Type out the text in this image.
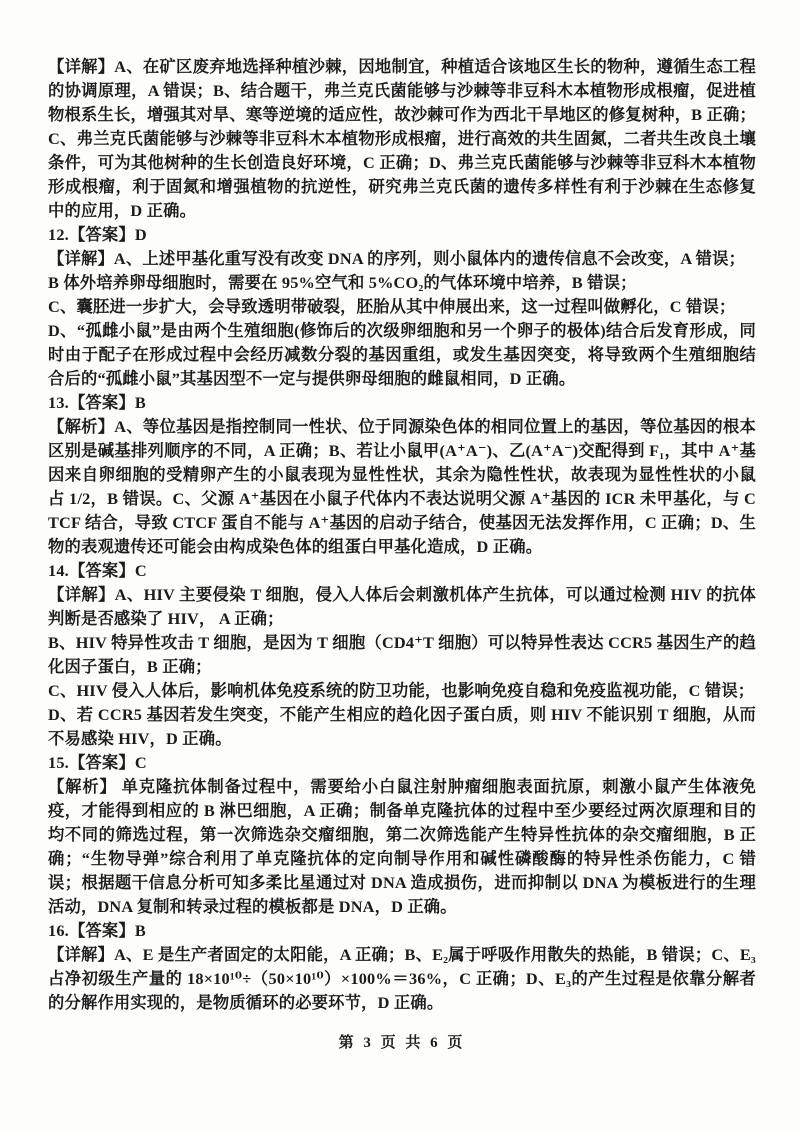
【详解】A、在矿区废弃地选择种植沙棘，因地制宜，种植适合该地区生长的物种，遵循生态工程的协调原理，A 错误；B、结合题干，弗兰克氏菌能够与沙棘等非豆科木本植物形成根瘤，促进植物根系生长，增强其对旱、寒等逆境的适应性，故沙棘可作为西北干旱地区的修复树种，B 正确；C、弗兰克氏菌能够与沙棘等非豆科木本植物形成根瘤，进行高效的共生固氮，二者共生改良土壤条件，可为其他树种的生长创造良好环境，C 正确；D、弗兰克氏菌能够与沙棘等非豆科木本植物形成根瘤，利于固氮和增强植物的抗逆性，研究弗兰克氏菌的遗传多样性有利于沙棘在生态修复中的应用，D 正确。

12.【答案】D

【详解】A、上述甲基化重写没有改变 DNA 的序列，则小鼠体内的遗传信息不会改变，A 错误；

B 体外培养卵母细胞时，需要在 95%空气和 5%CO₂的气体环境中培养，B 错误；

C、囊胚进一步扩大，会导致透明带破裂，胚胎从其中伸展出来，这一过程叫做孵化，C 错误；

D、“孤雌小鼠”是由两个生殖细胞(修饰后的次级卵细胞和另一个卵子的极体)结合后发育形成，同时由于配子在形成过程中会经历减数分裂的基因重组，或发生基因突变，将导致两个生殖细胞结合后的“孤雌小鼠”其基因型不一定与提供卵母细胞的雌鼠相同，D 正确。

13.【答案】B

【解析】A、等位基因是指控制同一性状、位于同源染色体的相同位置上的基因，等位基因的根本区别是碱基排列顺序的不同，A 正确；B、若让小鼠甲(A⁺A⁻)、乙(A⁺A⁻)交配得到 F₁，其中 A⁺基因来自卵细胞的受精卵产生的小鼠表现为显性性状，其余为隐性性状，故表现为显性性状的小鼠占 1/2，B 错误。C、父源 A⁺基因在小鼠子代体内不表达说明父源 A⁺基因的 ICR 未甲基化，与 CTCF 结合，导致 CTCF 蛋自不能与 A⁺基因的启动子结合，使基因无法发挥作用，C 正确；D、生物的表观遗传还可能会由构成染色体的组蛋白甲基化造成，D 正确。

14.【答案】C

【详解】A、HIV 主要侵染 T 细胞，侵入人体后会刺激机体产生抗体，可以通过检测 HIV 的抗体判断是否感染了 HIV， A 正确；

B、HIV 特异性攻击 T 细胞，是因为 T 细胞（CD4⁺T 细胞）可以特异性表达 CCR5 基因生产的趋化因子蛋白，B 正确；

C、HIV 侵入人体后，影响机体免疫系统的防卫功能，也影响免疫自稳和免疫监视功能，C 错误；

D、若 CCR5 基因若发生突变，不能产生相应的趋化因子蛋白质，则 HIV 不能识别 T 细胞，从而不易感染 HIV，D 正确。

15.【答案】C

【解析】 单克隆抗体制备过程中，需要给小白鼠注射肿瘤细胞表面抗原，刺激小鼠产生体液免疫，才能得到相应的 B 淋巴细胞，A 正确；制备单克隆抗体的过程中至少要经过两次原理和目的均不同的筛选过程，第一次筛选杂交瘤细胞，第二次筛选能产生特异性抗体的杂交瘤细胞，B 正确；“生物导弹”综合利用了单克隆抗体的定向制导作用和碱性磷酸酶的特异性杀伤能力，C 错误；根据题干信息分析可知多柔比星通过对 DNA 造成损伤，进而抑制以 DNA 为模板进行的生理活动，DNA 复制和转录过程的模板都是 DNA，D 正确。

16.【答案】B

【详解】A、E 是生产者固定的太阳能，A 正确；B、E₂属于呼吸作用散失的热能，B 错误；C、E₃占净初级生产量的 18×10¹⁰÷（50×10¹⁰）×100%＝36%，C 正确；D、E₃的产生过程是依靠分解者的分解作用实现的，是物质循环的必要环节，D 正确。

第 3 页 共 6 页
